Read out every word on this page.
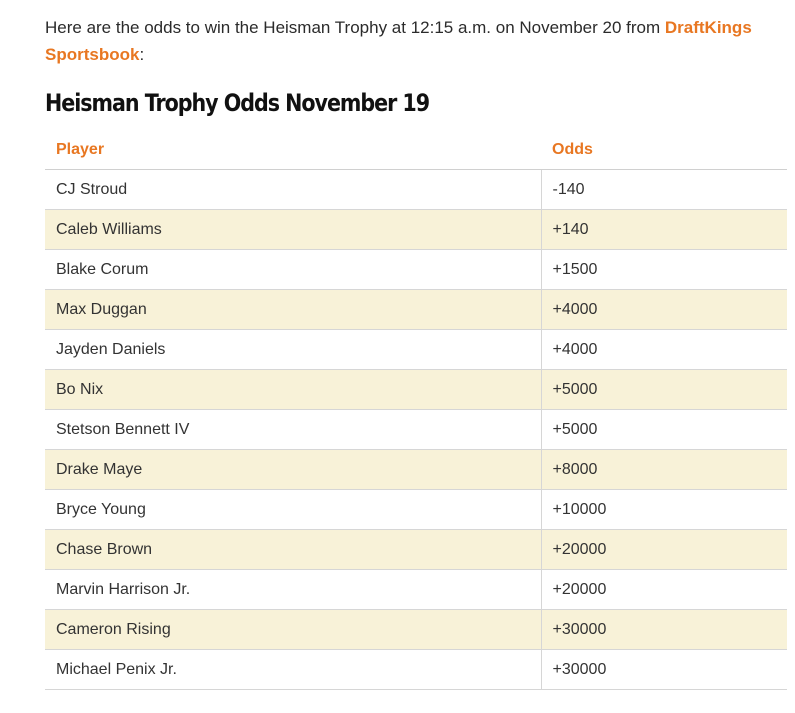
Here are the odds to win the Heisman Trophy at 12:15 a.m. on November 20 from DraftKings Sportsbook:

Heisman Trophy Odds November 19
Player	Odds
CJ Stroud	-140
Caleb Williams	+140
Blake Corum	+1500
Max Duggan	+4000
Jayden Daniels	+4000
Bo Nix	+5000
Stetson Bennett IV	+5000
Drake Maye	+8000
Bryce Young	+10000
Chase Brown	+20000
Marvin Harrison Jr.	+20000
Cameron Rising	+30000
Michael Penix Jr.	+30000
